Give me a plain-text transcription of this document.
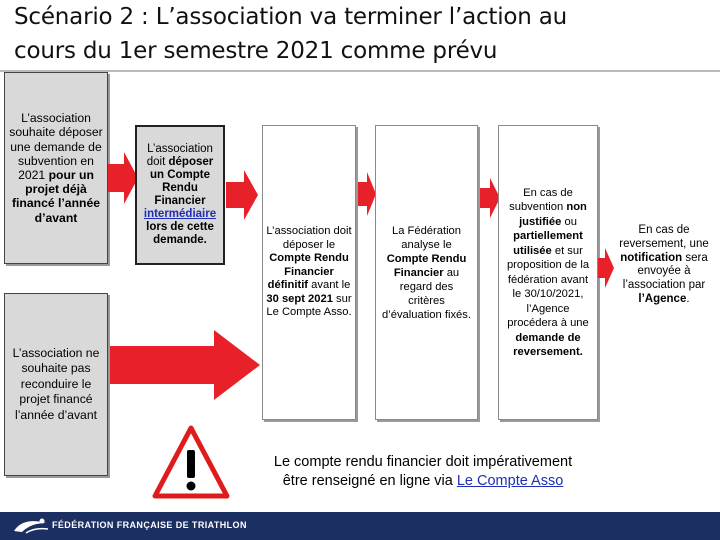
Scénario 2 : L’association va terminer l’action au
cours du 1er semestre 2021 comme prévu
L’association souhaite déposer une demande de subvention en 2021 pour un projet déjà financé l’année d’avant
L’association ne souhaite pas reconduire le projet financé l’année d’avant
L’association doit déposer un Compte Rendu Financier intermédiaire lors de cette demande.
L’association doit déposer le Compte Rendu Financier définitif avant le 30 sept 2021 sur Le Compte Asso.
La Fédération analyse le Compte Rendu Financier au regard des critères d’évaluation fixés.
En cas de subvention non justifiée ou partiellement utilisée et sur proposition de la fédération avant le 30/10/2021, l’Agence procédera à une demande de reversement.
En cas de reversement, une notification sera envoyée à l’association par l’Agence.
Le compte rendu financier doit impérativement
être renseigné en ligne via Le Compte Asso
FÉDÉRATION FRANÇAISE DE TRIATHLON
